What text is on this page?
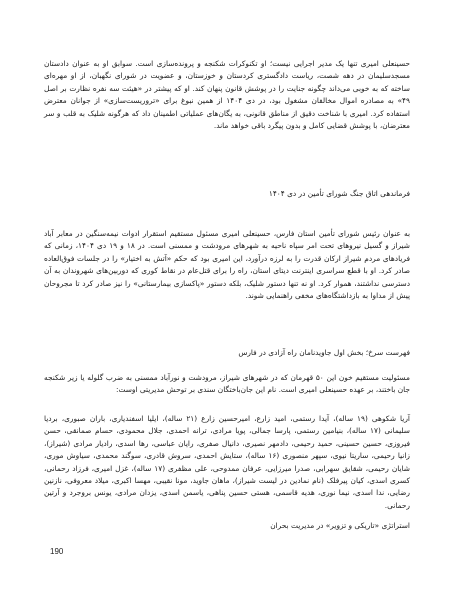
حسینعلی امیری تنها یک مدیر اجرایی نیست؛ او تکنوکرات شکنجه و پرونده‌سازی است. سوابق او به عنوان دادستان مسجدسلیمان در دهه شصت، ریاست دادگستری کردستان و خوزستان، و عضویت در شورای نگهبان، از او مهره‌ای ساخته که به خوبی می‌داند چگونه جنایت را در پوشش قانون پنهان کند. او که پیشتر در «هیئت سه نفره نظارت بر اصل ۴۹» به مصادره اموال مخالفان مشغول بود، در دی ۱۴۰۴ از همین نبوغ برای «تروریست‌سازی» از جوانان معترض استفاده کرد. امیری با شناخت دقیق از مناطق قانونی، به یگان‌های عملیاتی اطمینان داد که هرگونه شلیک به قلب و سر معترضان، با پوشش قضایی کامل و بدون پیگرد باقی خواهد ماند.

فرماندهی اتاق جنگ شورای تأمین در دی ۱۴۰۴

به عنوان رئیس شورای تأمین استان فارس، حسینعلی امیری مسئول مستقیم استقرار ادوات نیمه‌سنگین در معابر آباد شیراز و گسیل نیروهای تحت امر سپاه ناحیه به شهرهای مرودشت و ممسنی است. در ۱۸ و ۱۹ دی ۱۴۰۴، زمانی که فریادهای مردم شیراز ارکان قدرت را به لرزه درآورد، این امیری بود که حکم «آتش به اختیار» را در جلسات فوق‌العاده صادر کرد. او با قطع سراسری اینترنت دیتای استان، راه را برای قتل‌عام در نقاط کوری که دوربین‌های شهروندان به آن دسترسی نداشتند، هموار کرد. او نه تنها دستور شلیک، بلکه دستور «پاکسازی بیمارستانی» را نیز صادر کرد تا مجروحان پیش از مداوا به بازداشتگاه‌های مخفی راهنمایی شوند.

فهرست سرخ؛ بخش اول جاویدنامان راه آزادی در فارس

مسئولیت مستقیم خون این ۵۰ قهرمان که در شهرهای شیراز، مرودشت و نورآباد ممسنی به ضرب گلوله یا زیر شکنجه جان باختند، بر عهده حسینعلی امیری است. نام این جان‌باختگان سندی بر توحش مدیریتی اوست:

آریا شکوهی (۱۹ ساله)، آیدا رستمی، امید زارع، امیرحسین زارع (۲۱ ساله)، ایلیا اسفندیاری، باران صبوری، بردیا سلیمانی (۱۷ ساله)، بنیامین رستمی، پارسا جمالی، پویا مرادی، ترانه احمدی، جلال محمودی، حسام صمانقی، حسن فیروزی، حسین حسینی، حمید رحیمی، دادمهر نصیری، دانیال صفری، رایان عباسی، رها اسدی، رادیار مرادی (شیراز)، زانیا رحیمی، ساریتا نیوی، سپهر منصوری (۱۶ ساله)، ستایش احمدی، سروش قادری، سوگند محمدی، سیاوش موری، شایان رحیمی، شقایق سهرابی، صدرا میرزایی، عرفان ممدوحی، علی مظفری (۱۷ ساله)، غزل امیری، فرزاد رحمانی، کسری اسدی، کیان پیرفلک (نام نمادین در لیست شیراز)، ماهان جاوید، مونا نقیبی، مهسا اکبری، میلاد معروفی، نازنین رضایی، ندا اسدی، نیما نوری، هدیه قاسمی، هستی حسین پناهی، یاسمن اسدی، یزدان مرادی، یونس بروجرد و آرتین رحمانی.

استراتژی «تاریکی و تزویر» در مدیریت بحران

190
